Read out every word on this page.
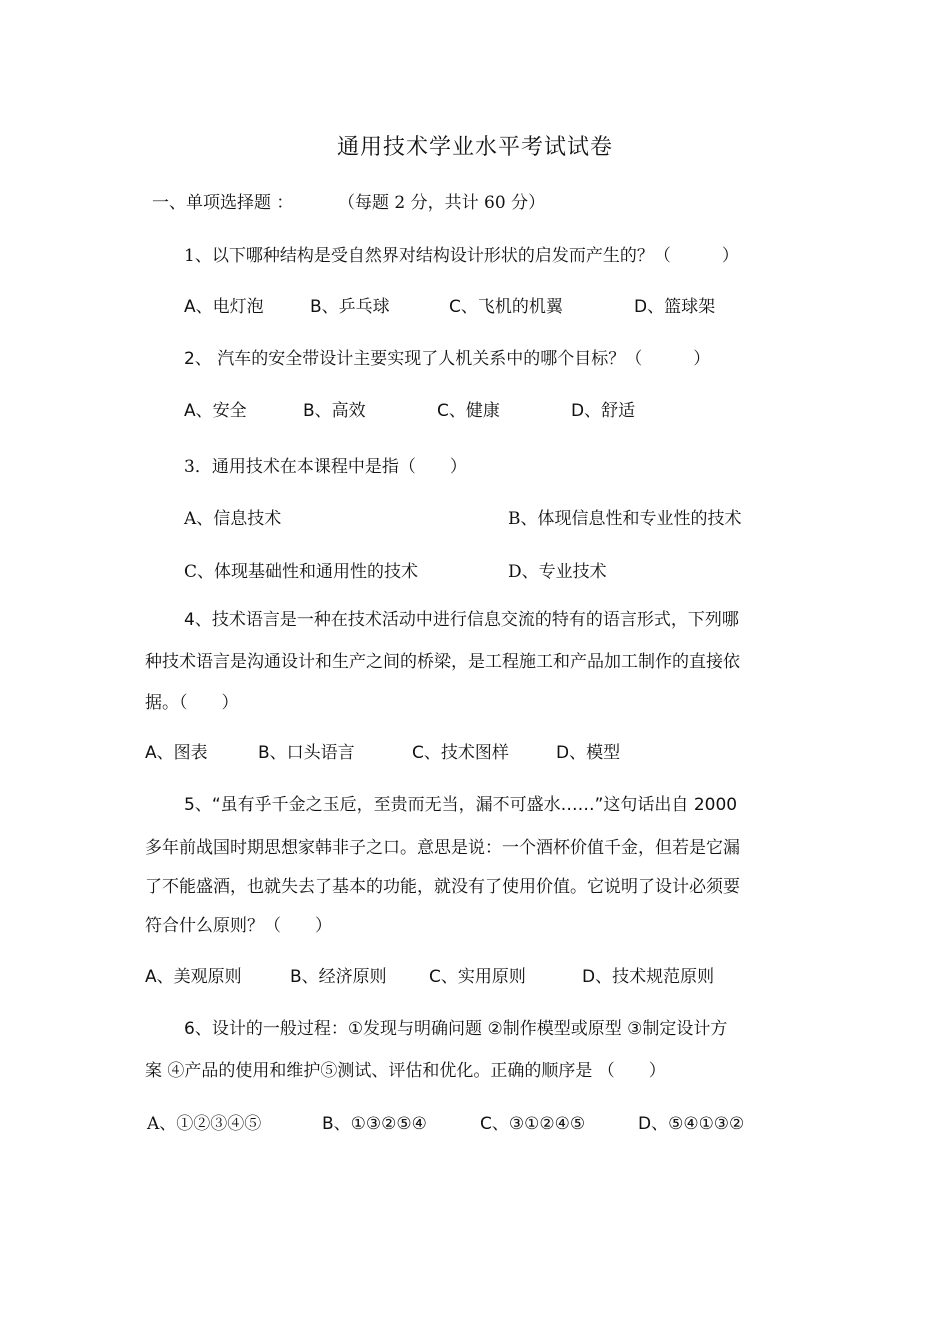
通用技术学业水平考试试卷
一、单项选择题 ：	（每题 2 分，共计 60 分）
1、以下哪种结构是受自然界对结构设计形状的启发而产生的？（　　　）
A、电灯泡	B、乒乓球	C、飞机的机翼	D、篮球架
2、 汽车的安全带设计主要实现了人机关系中的哪个目标？（　　　）
A、安全	B、高效	C、健康	D、舒适
3．通用技术在本课程中是指（　　）
A、信息技术	B、体现信息性和专业性的技术
C、体现基础性和通用性的技术	D、专业技术
4、技术语言是一种在技术活动中进行信息交流的特有的语言形式，下列哪
种技术语言是沟通设计和生产之间的桥梁，是工程施工和产品加工制作的直接依
据。（　　）
A、图表	B、口头语言	C、技术图样	D、模型
5、“虽有乎千金之玉卮，至贵而无当，漏不可盛水……”这句话出自 2000
多年前战国时期思想家韩非子之口。意思是说：一个酒杯价值千金，但若是它漏
了不能盛酒，也就失去了基本的功能，就没有了使用价值。它说明了设计必须要
符合什么原则？（　　）
A、美观原则	B、经济原则 C、实用原则	D、技术规范原则
6、设计的一般过程：①发现与明确问题 ②制作模型或原型 ③制定设计方
案 ④产品的使用和维护⑤测试、评估和优化。正确的顺序是 （　　）
A、①②③④⑤	B、①③②⑤④	C、③①②④⑤	D、⑤④①③②
